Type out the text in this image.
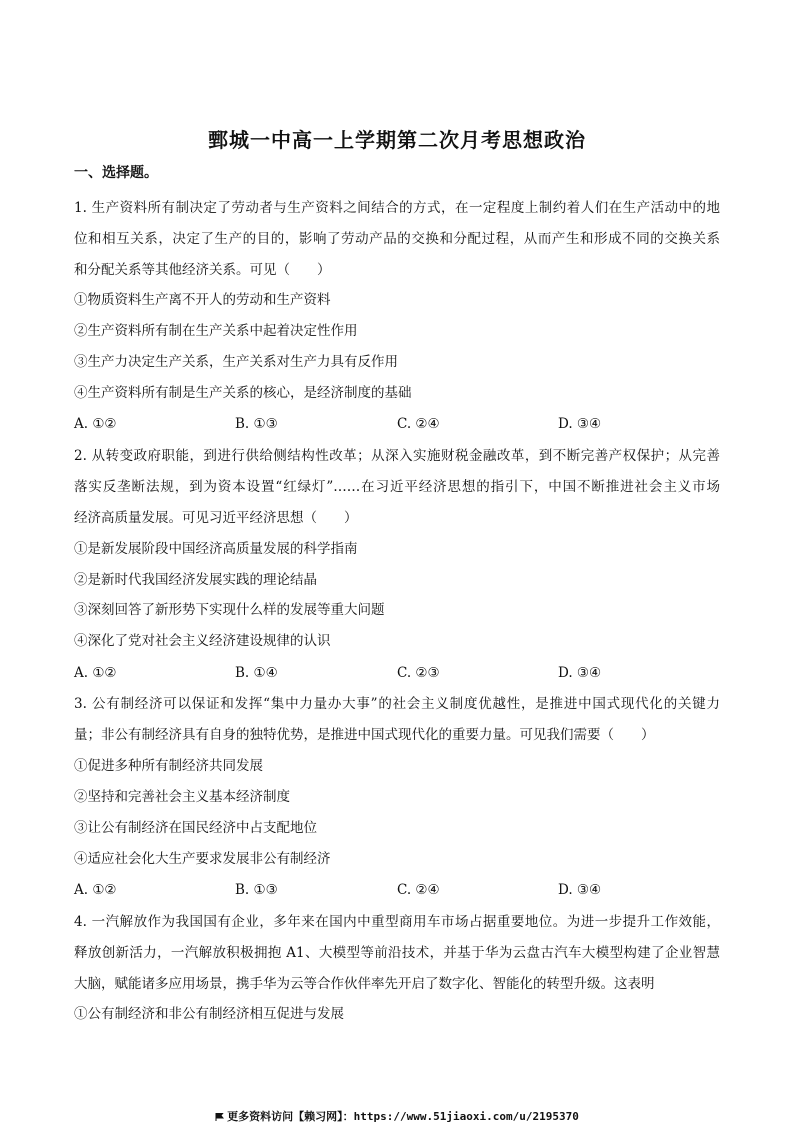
鄄城一中高一上学期第二次月考思想政治
一、选择题。
1. 生产资料所有制决定了劳动者与生产资料之间结合的方式，在一定程度上制约着人们在生产活动中的地
位和相互关系，决定了生产的目的，影响了劳动产品的交换和分配过程，从而产生和形成不同的交换关系
和分配关系等其他经济关系。可见（　　）
①物质资料生产离不开人的劳动和生产资料
②生产资料所有制在生产关系中起着决定性作用
③生产力决定生产关系，生产关系对生产力具有反作用
④生产资料所有制是生产关系的核心，是经济制度的基础
A. ①②	B. ①③	C. ②④	D. ③④
2. 从转变政府职能，到进行供给侧结构性改革；从深入实施财税金融改革，到不断完善产权保护；从完善
落实反垄断法规，到为资本设置“红绿灯”……在习近平经济思想的指引下，中国不断推进社会主义市场
经济高质量发展。可见习近平经济思想（　　）
①是新发展阶段中国经济高质量发展的科学指南
②是新时代我国经济发展实践的理论结晶
③深刻回答了新形势下实现什么样的发展等重大问题
④深化了党对社会主义经济建设规律的认识
A. ①②	B. ①④	C. ②③	D. ③④
3. 公有制经济可以保证和发挥“集中力量办大事”的社会主义制度优越性，是推进中国式现代化的关键力
量；非公有制经济具有自身的独特优势，是推进中国式现代化的重要力量。可见我们需要（　　）
①促进多种所有制经济共同发展
②坚持和完善社会主义基本经济制度
③让公有制经济在国民经济中占支配地位
④适应社会化大生产要求发展非公有制经济
A. ①②	B. ①③	C. ②④	D. ③④
4. 一汽解放作为我国国有企业，多年来在国内中重型商用车市场占据重要地位。为进一步提升工作效能，
释放创新活力，一汽解放积极拥抱 A1、大模型等前沿技术，并基于华为云盘古汽车大模型构建了企业智慧
大脑，赋能诸多应用场景，携手华为云等合作伙伴率先开启了数字化、智能化的转型升级。这表明
①公有制经济和非公有制经济相互促进与发展
更多资料访问【赖习网】：https://www.51jiaoxi.com/u/2195370
